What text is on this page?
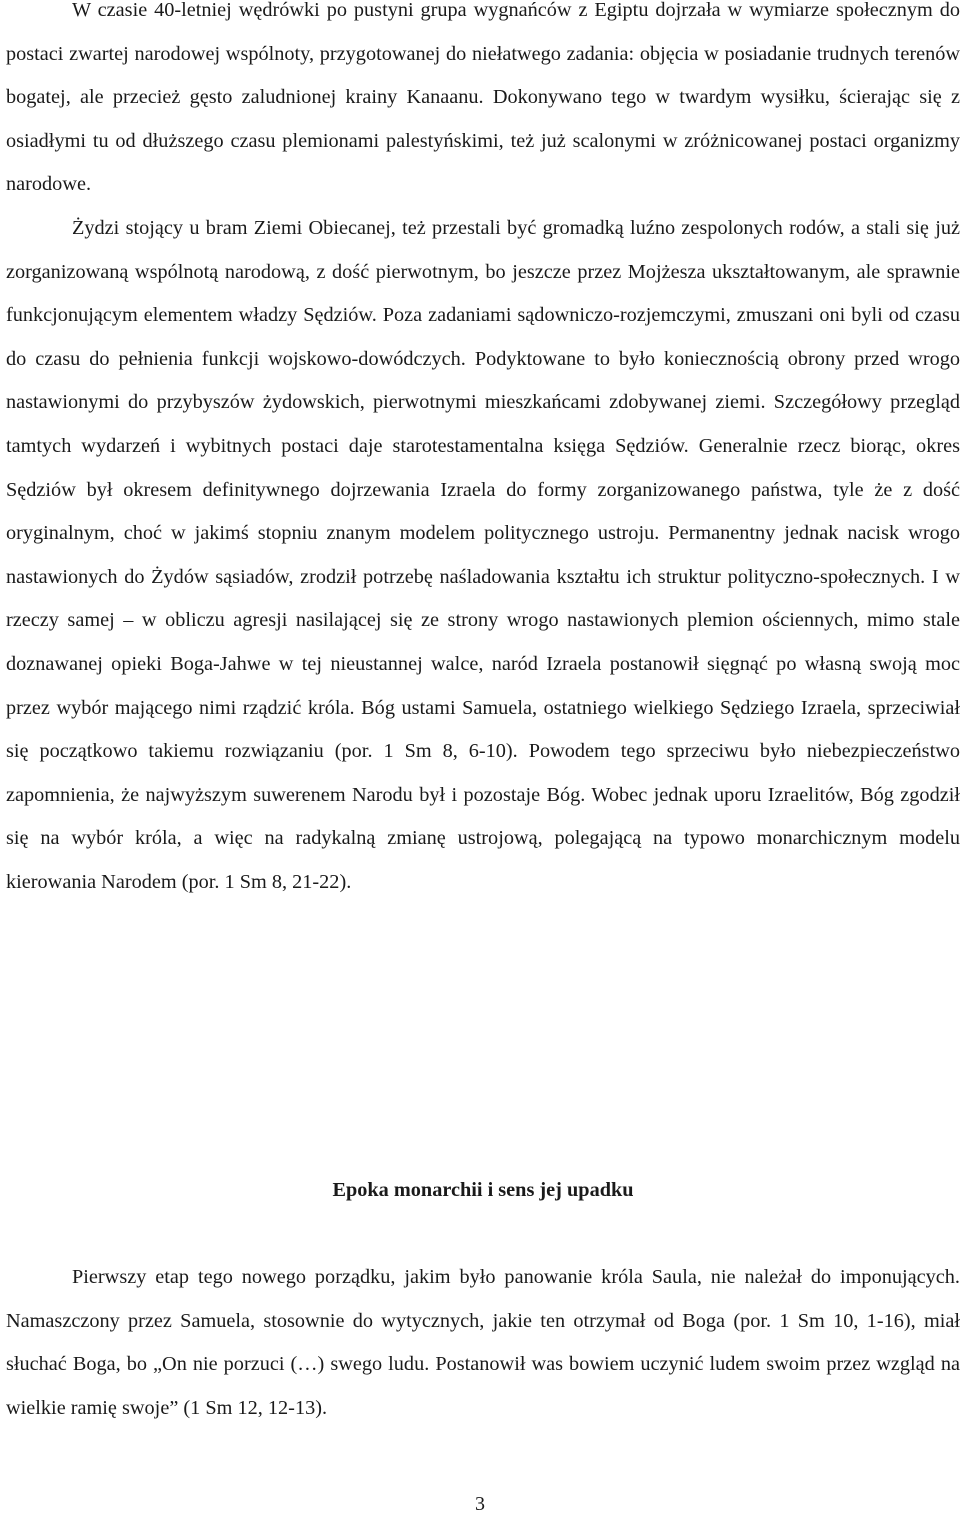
W czasie 40-letniej wędrówki po pustyni grupa wygnańców z Egiptu dojrzała w wymiarze społecznym do postaci zwartej narodowej wspólnoty, przygotowanej do niełatwego zadania: objęcia w posiadanie trudnych terenów bogatej, ale przecież gęsto zaludnionej krainy Kanaanu. Dokonywano tego w twardym wysiłku, ścierając się z osiadłymi tu od dłuższego czasu plemionami palestyńskimi, też już scalonymi w zróżnicowanej postaci organizmy narodowe.

Żydzi stojący u bram Ziemi Obiecanej, też przestali być gromadką luźno zespolonych rodów, a stali się już zorganizowaną wspólnotą narodową, z dość pierwotnym, bo jeszcze przez Mojżesza ukształtowanym, ale sprawnie funkcjonującym elementem władzy Sędziów. Poza zadaniami sądowniczo-rozjemczymi, zmuszani oni byli od czasu do czasu do pełnienia funkcji wojskowo-dowódczych. Podyktowane to było koniecznością obrony przed wrogo nastawionymi do przybyszów żydowskich, pierwotnymi mieszkańcami zdobywanej ziemi. Szczegółowy przegląd tamtych wydarzeń i wybitnych postaci daje starotestamentalna księga Sędziów. Generalnie rzecz biorąc, okres Sędziów był okresem definitywnego dojrzewania Izraela do formy zorganizowanego państwa, tyle że z dość oryginalnym, choć w jakimś stopniu znanym modelem politycznego ustroju. Permanentny jednak nacisk wrogo nastawionych do Żydów sąsiadów, zrodził potrzebę naśladowania kształtu ich struktur polityczno-społecznych. I w rzeczy samej – w obliczu agresji nasilającej się ze strony wrogo nastawionych plemion ościennych, mimo stale doznawanej opieki Boga-Jahwe w tej nieustannej walce, naród Izraela postanowił sięgnąć po własną swoją moc przez wybór mającego nimi rządzić króla. Bóg ustami Samuela, ostatniego wielkiego Sędziego Izraela, sprzeciwiał się początkowo takiemu rozwiązaniu (por. 1 Sm 8, 6-10). Powodem tego sprzeciwu było niebezpieczeństwo zapomnienia, że najwyższym suwerenem Narodu był i pozostaje Bóg. Wobec jednak uporu Izraelitów, Bóg zgodził się na wybór króla, a więc na radykalną zmianę ustrojową, polegającą na typowo monarchicznym modelu kierowania Narodem (por. 1 Sm 8, 21-22).

Epoka monarchii i sens jej upadku

Pierwszy etap tego nowego porządku, jakim było panowanie króla Saula, nie należał do imponujących. Namaszczony przez Samuela, stosownie do wytycznych, jakie ten otrzymał od Boga (por. 1 Sm 10, 1-16), miał słuchać Boga, bo „On nie porzuci (…) swego ludu. Postanowił was bowiem uczynić ludem swoim przez wzgląd na wielkie ramię swoje” (1 Sm 12, 12-13).

3
